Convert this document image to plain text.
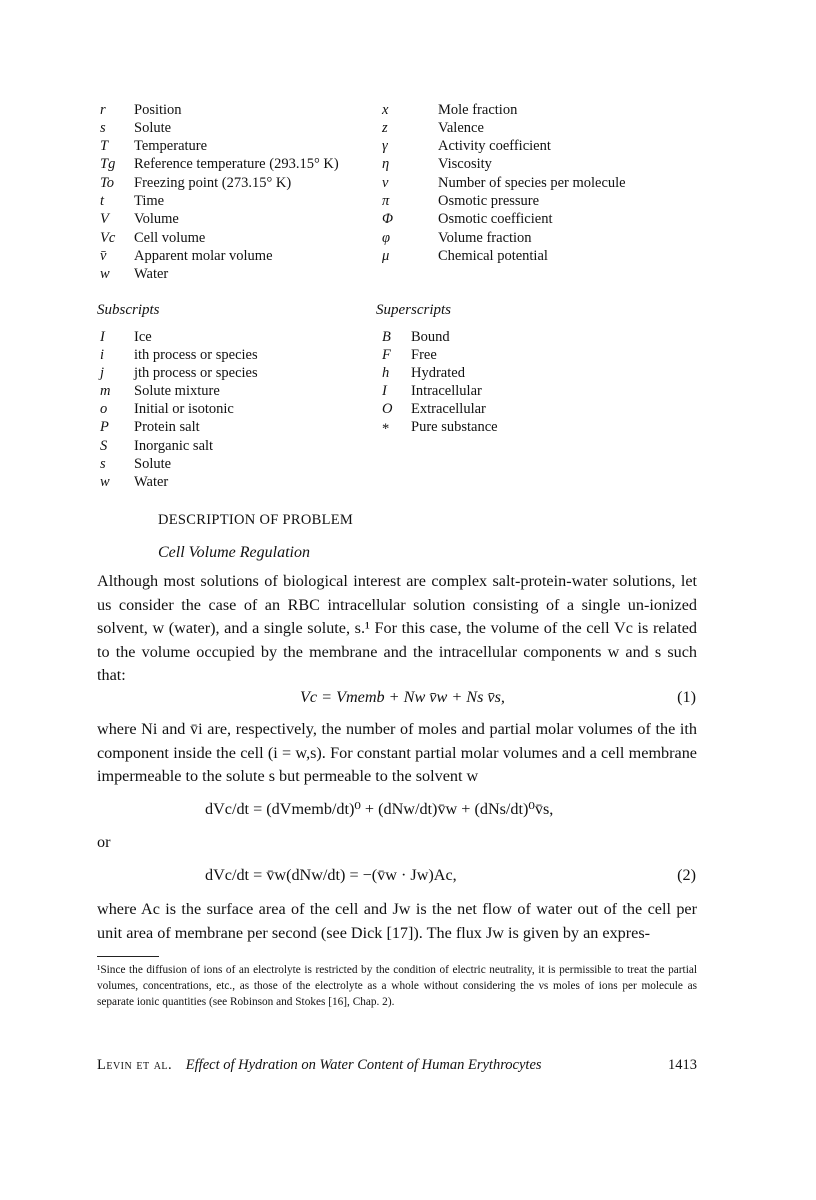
r	Position
s	Solute
T	Temperature
Tg	Reference temperature (293.15° K)
To	Freezing point (273.15° K)
t	Time
V	Volume
Vc	Cell volume
v̄	Apparent molar volume
w	Water
x	Mole fraction
z	Valence
γ	Activity coefficient
η	Viscosity
ν	Number of species per molecule
π	Osmotic pressure
Φ	Osmotic coefficient
φ	Volume fraction
μ	Chemical potential
Subscripts	Superscripts
I	Ice
i	ith process or species
j	jth process or species
m	Solute mixture
o	Initial or isotonic
P	Protein salt
S	Inorganic salt
s	Solute
w	Water
B	Bound
F	Free
h	Hydrated
I	Intracellular
O	Extracellular
*	Pure substance
DESCRIPTION OF PROBLEM
Cell Volume Regulation

Although most solutions of biological interest are complex salt-protein-water solutions, let us consider the case of an RBC intracellular solution consisting of a single un-ionized solvent, w (water), and a single solute, s.¹ For this case, the volume of the cell Vc is related to the volume occupied by the membrane and the intracellular components w and s such that:

Vc = Vmemb + Nw v̄w + Ns v̄s,	(1)

where Ni and v̄i are, respectively, the number of moles and partial molar volumes of the ith component inside the cell (i = w,s). For constant partial molar volumes and a cell membrane impermeable to the solute s but permeable to the solvent w

dVc/dt = (dVmemb/dt)⁰ + (dNw/dt)v̄w + (dNs/dt)⁰v̄s,
or
dVc/dt = v̄w(dNw/dt) = −(v̄w · Jw)Ac,	(2)

where Ac is the surface area of the cell and Jw is the net flow of water out of the cell per unit area of membrane per second (see Dick [17]). The flux Jw is given by an expres-

¹Since the diffusion of ions of an electrolyte is restricted by the condition of electric neutrality, it is permissible to treat the partial volumes, concentrations, etc., as those of the electrolyte as a whole without considering the νs moles of ions per molecule as separate ionic quantities (see Robinson and Stokes [16], Chap. 2).
Levin et al. Effect of Hydration on Water Content of Human Erythrocytes	1413
